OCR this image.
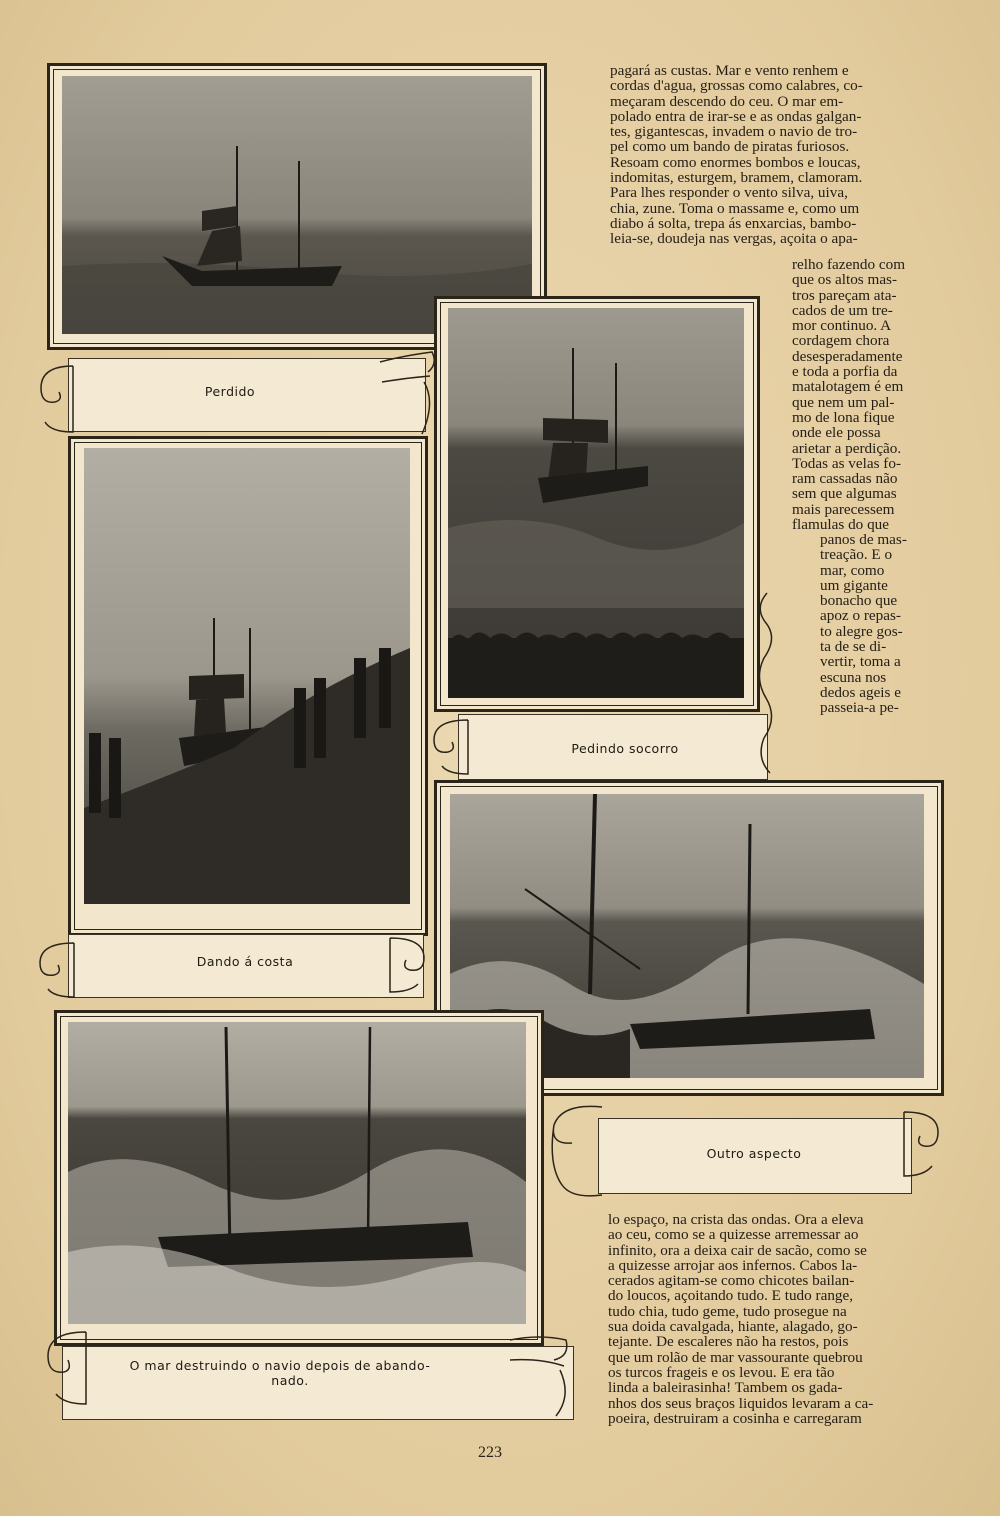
Perdido
Pedindo socorro
Dando á costa
Outro aspecto
O mar destruindo o navio depois de abando-
nado.
pagará as custas. Mar e vento renhem e
cordas d'agua, grossas como calabres, co-
meçaram descendo do ceu. O mar em-
polado entra de irar-se e as ondas galgan-
tes, gigantescas, invadem o navio de tro-
pel como um bando de piratas furiosos.
Resoam como enormes bombos e loucas,
indomitas, esturgem, bramem, clamoram.
Para lhes responder o vento silva, uiva,
chia, zune. Toma o massame e, como um
diabo á solta, trepa ás enxarcias, bambo-
leia-se, doudeja nas vergas, açoita o apa-
relho fazendo com
que os altos mas-
tros pareçam ata-
cados de um tre-
mor continuo. A
cordagem chora
desesperadamente
e toda a porfia da
matalotagem é em
que nem um pal-
mo de lona fique
onde ele possa
arietar a perdição.
Todas as velas fo-
ram cassadas não
sem que algumas
mais parecessem
flamulas do que
panos de mas-
treação. E o
mar, como
um gigante
bonacho que
apoz o repas-
to alegre gos-
ta de se di-
vertir, toma a
escuna nos
dedos ageis e
passeia-a pe-
lo espaço, na crista das ondas. Ora a eleva
ao ceu, como se a quizesse arremessar ao
infinito, ora a deixa cair de sacão, como se
a quizesse arrojar aos infernos. Cabos la-
cerados agitam-se como chicotes bailan-
do loucos, açoitando tudo. E tudo range,
tudo chia, tudo geme, tudo prosegue na
sua doida cavalgada, hiante, alagado, go-
tejante. De escaleres não ha restos, pois
que um rolão de mar vassourante quebrou
os turcos frageis e os levou. E era tão
linda a baleirasinha! Tambem os gada-
nhos dos seus braços liquidos levaram a ca-
poeira, destruiram a cosinha e carregaram
223
